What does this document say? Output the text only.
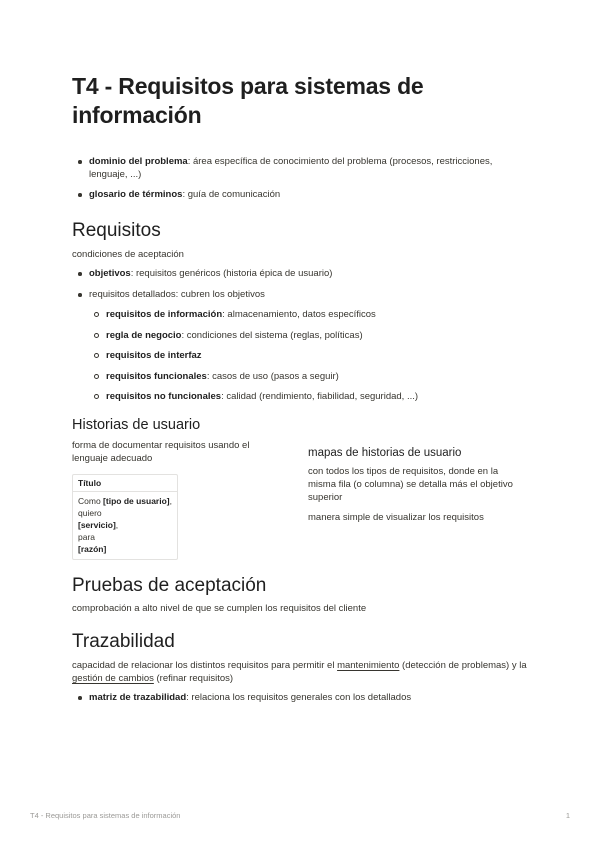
T4 - Requisitos para sistemas de información
dominio del problema: área específica de conocimiento del problema (procesos, restricciones, lenguaje, ...)
glosario de términos: guía de comunicación
Requisitos

condiciones de aceptación

objetivos: requisitos genéricos (historia épica de usuario)
requisitos detallados: cubren los objetivos
requisitos de información: almacenamiento, datos específicos
regla de negocio: condiciones del sistema (reglas, políticas)
requisitos de interfaz
requisitos funcionales: casos de uso (pasos a seguir)
requisitos no funcionales: calidad (rendimiento, fiabilidad, seguridad, ...)
Historias de usuario

forma de documentar requisitos usando el lenguaje adecuado

Título
Como [tipo de usuario],
quiero
[servicio],
para
[razón]
mapas de historias de usuario

con todos los tipos de requisitos, donde en la misma fila (o columna) se detalla más el objetivo superior

manera simple de visualizar los requisitos

Pruebas de aceptación

comprobación a alto nivel de que se cumplen los requisitos del cliente

Trazabilidad

capacidad de relacionar los distintos requisitos para permitir el mantenimiento (detección de problemas) y la gestión de cambios (refinar requisitos)

matriz de trazabilidad: relaciona los requisitos generales con los detallados
T4 - Requisitos para sistemas de información	1
